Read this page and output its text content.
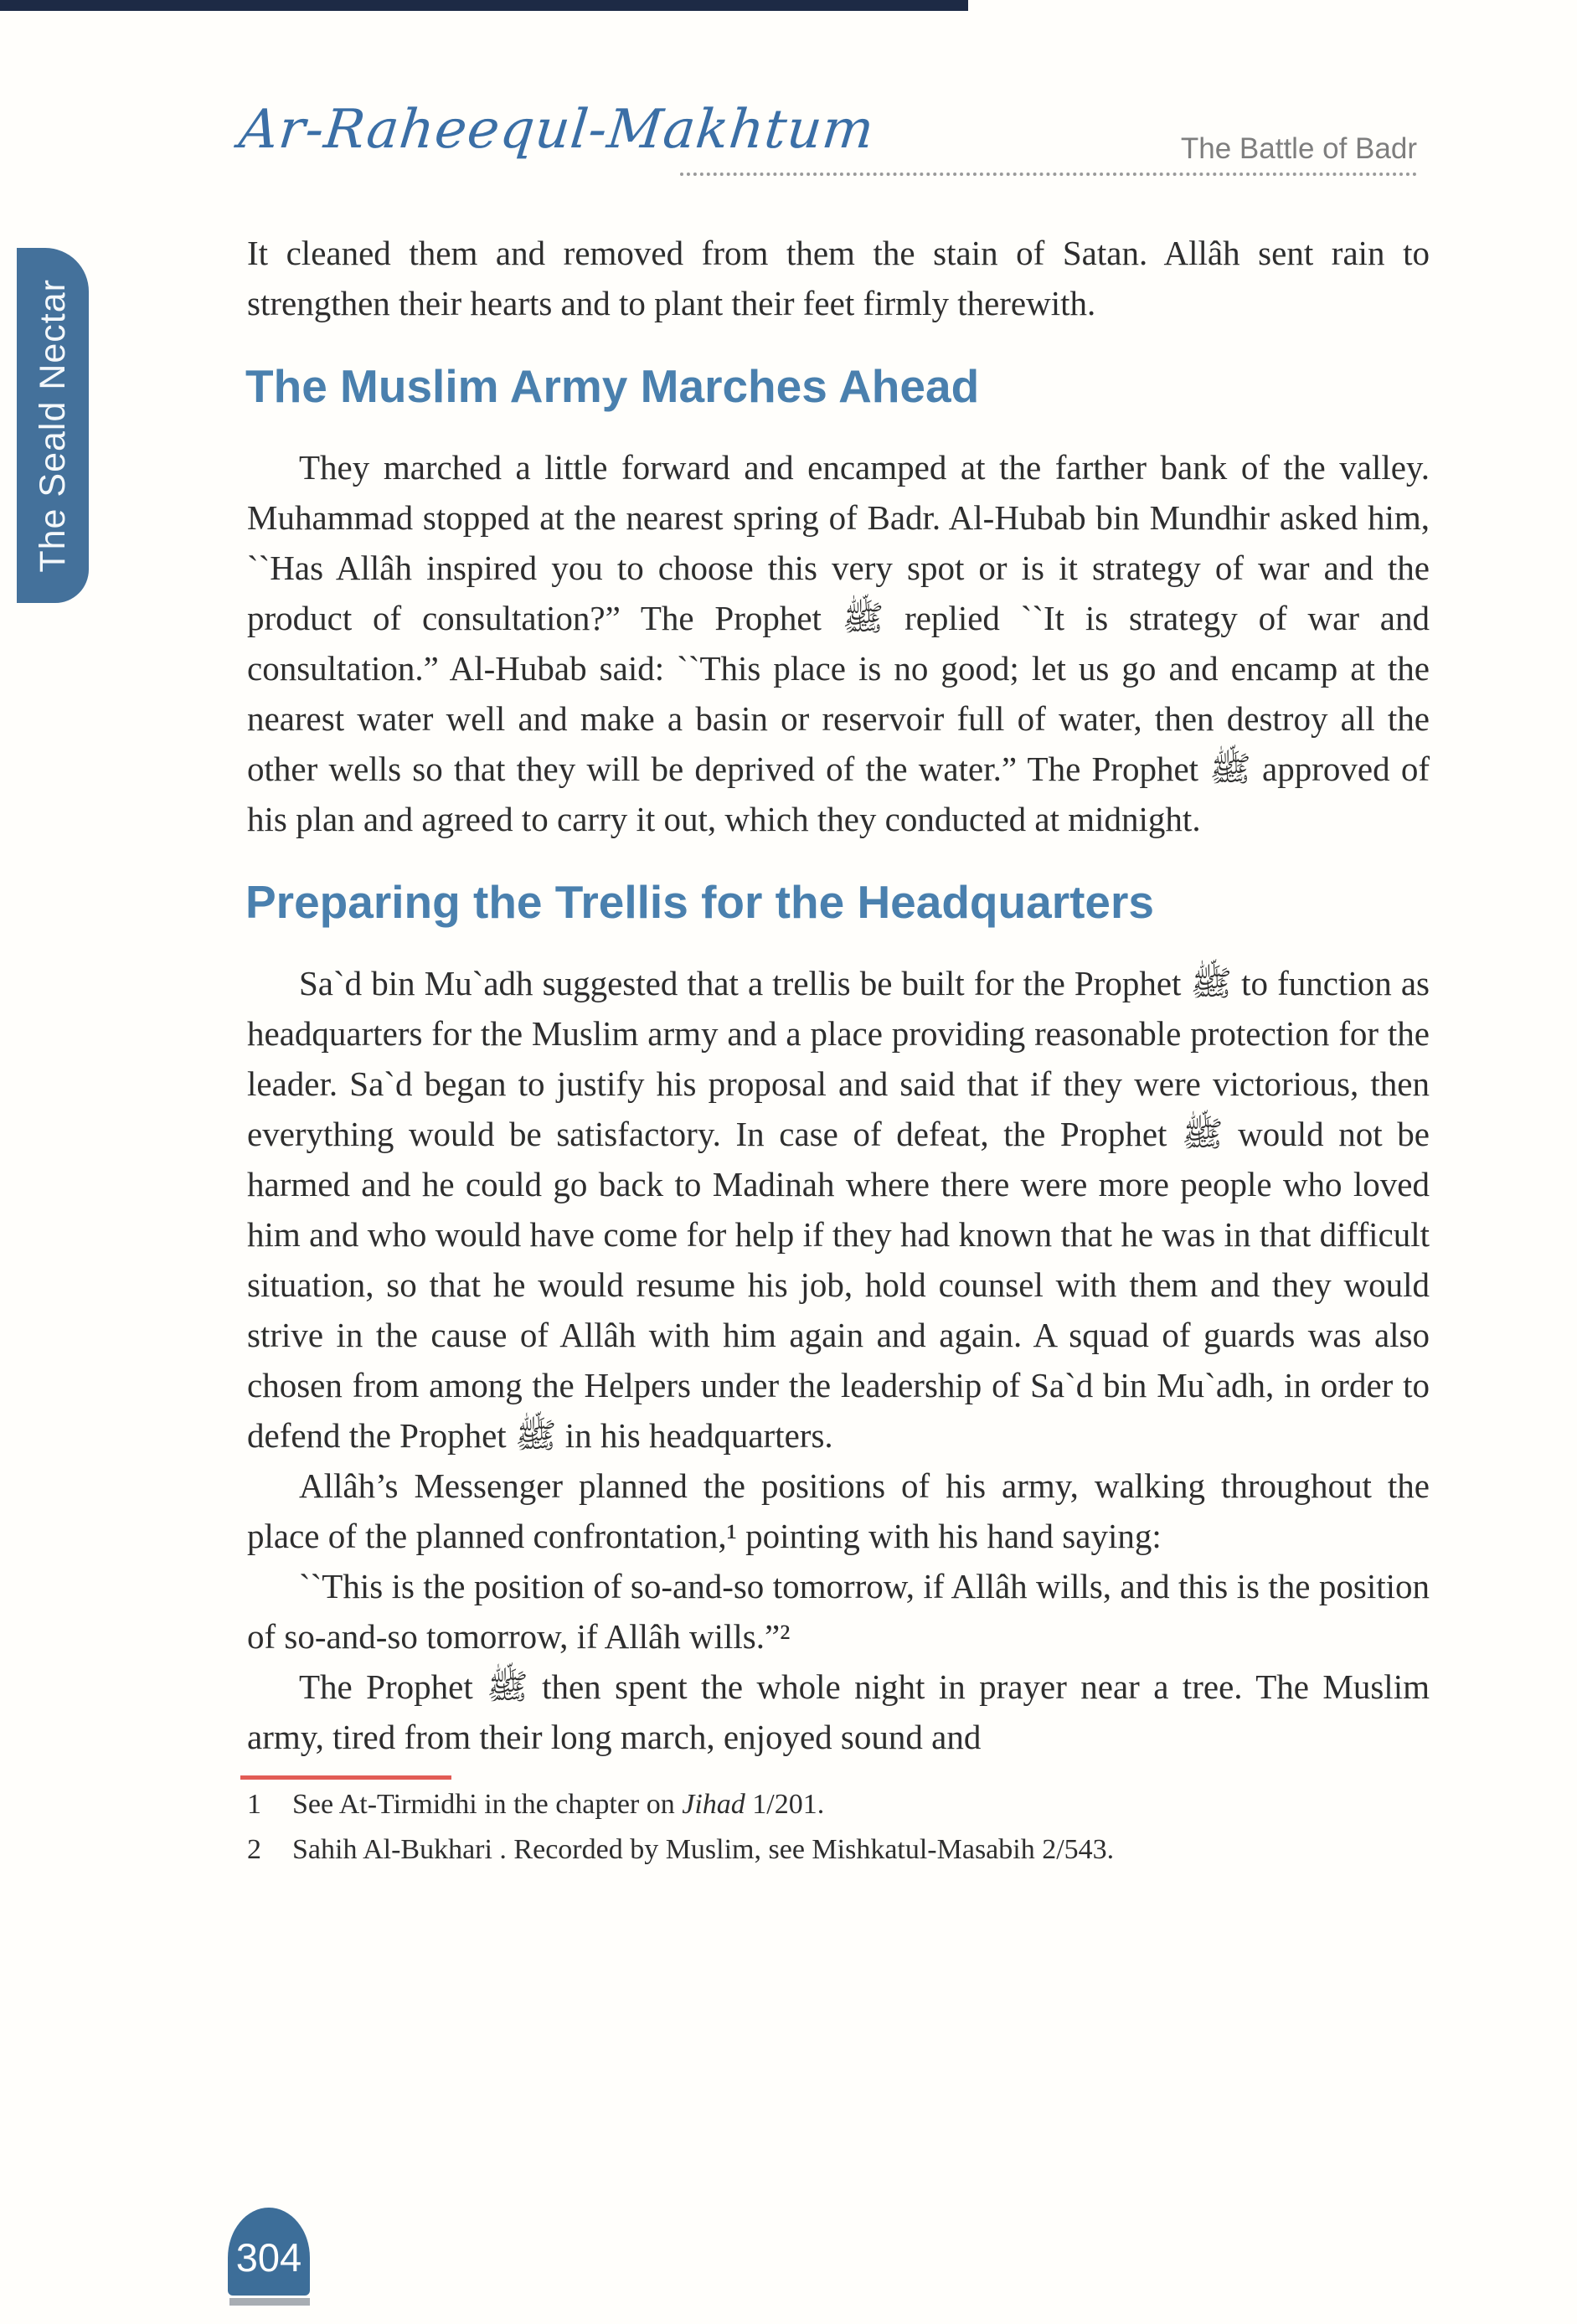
Ar-Raheequl-Makhtum	The Battle of Badr
The Seald Nectar

It cleaned them and removed from them the stain of Satan. Allâh sent rain to strengthen their hearts and to plant their feet firmly therewith.

The Muslim Army Marches Ahead

They marched a little forward and encamped at the farther bank of the valley. Muhammad stopped at the nearest spring of Badr. Al-Hubab bin Mundhir asked him, ``Has Allâh inspired you to choose this very spot or is it strategy of war and the product of consultation?” The Prophet ﷺ replied ``It is strategy of war and consultation.” Al-Hubab said: ``This place is no good; let us go and encamp at the nearest water well and make a basin or reservoir full of water, then destroy all the other wells so that they will be deprived of the water.” The Prophet ﷺ approved of his plan and agreed to carry it out, which they conducted at midnight.

Preparing the Trellis for the Headquarters

Sa`d bin Mu`adh suggested that a trellis be built for the Prophet ﷺ to function as headquarters for the Muslim army and a place providing reasonable protection for the leader. Sa`d began to justify his proposal and said that if they were victorious, then everything would be satisfactory. In case of defeat, the Prophet ﷺ would not be harmed and he could go back to Madinah where there were more people who loved him and who would have come for help if they had known that he was in that difficult situation, so that he would resume his job, hold counsel with them and they would strive in the cause of Allâh with him again and again. A squad of guards was also chosen from among the Helpers under the leadership of Sa`d bin Mu`adh, in order to defend the Prophet ﷺ in his headquarters.

Allâh’s Messenger planned the positions of his army, walking throughout the place of the planned confrontation,¹ pointing with his hand saying:

``This is the position of so-and-so tomorrow, if Allâh wills, and this is the position of so-and-so tomorrow, if Allâh wills.”²

The Prophet ﷺ then spent the whole night in prayer near a tree. The Muslim army, tired from their long march, enjoyed sound and

1 See At-Tirmidhi in the chapter on Jihad 1/201.
2 Sahih Al-Bukhari . Recorded by Muslim, see Mishkatul-Masabih 2/543.
304
